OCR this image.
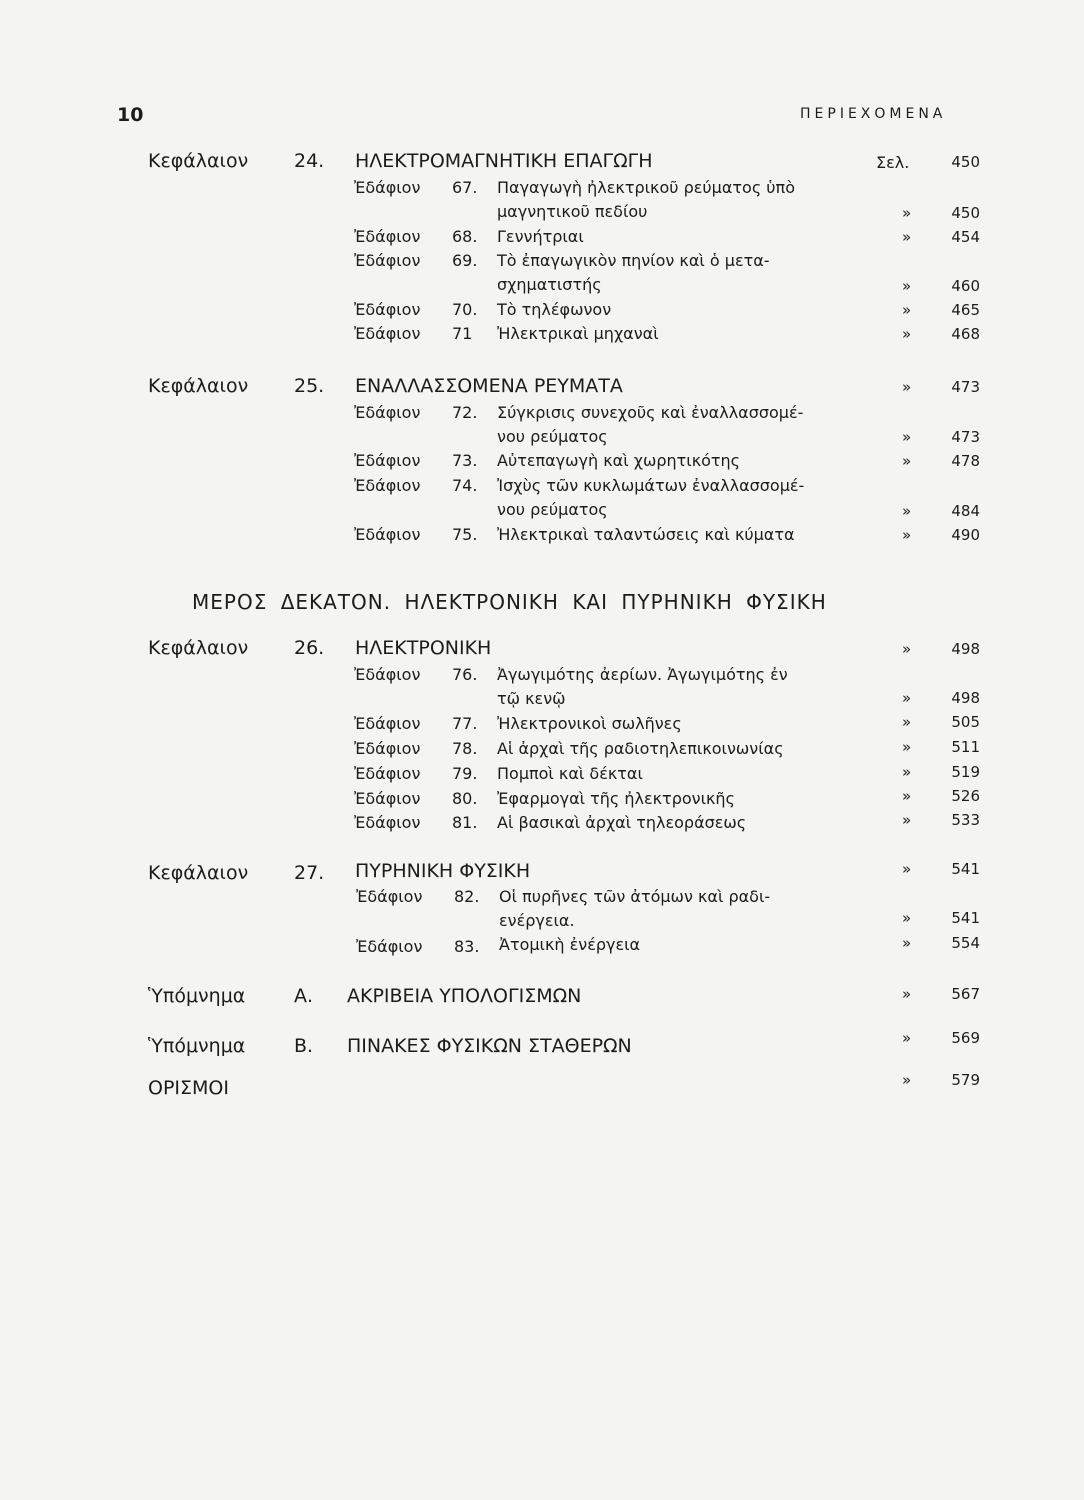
10	ΠΕΡΙΕΧΟΜΕΝΑ
Κεφάλαιον 24. ΗΛΕΚΤΡΟΜΑΓΝΗΤΙΚΗ ΕΠΑΓΩΓΗ	Σελ.	450
Ἐδάφιον 67. Παγαγωγὴ ἠλεκτρικοῦ ρεύματος ὑπὸ
μαγνητικοῦ πεδίου	»	450
Ἐδάφιον 68. Γεννήτριαι	»	454
Ἐδάφιον 69. Τὸ ἐπαγωγικὸν πηνίον καὶ ὁ μετα-
σχηματιστής	»	460
Ἐδάφιον 70. Τὸ τηλέφωνον	»	465
Ἐδάφιον 71 Ἠλεκτρικαὶ μηχαναὶ	»	468
Κεφάλαιον 25. ΕΝΑΛΛΑΣΣΟΜΕΝΑ ΡΕΥΜΑΤΑ	»	473
Ἐδάφιον 72. Σύγκρισις συνεχοῦς καὶ ἐναλλασσομέ-
νου ρεύματος	»	473
Ἐδάφιον 73. Αὐτεπαγωγὴ καὶ χωρητικότης	»	478
Ἐδάφιον 74. Ἰσχὺς τῶν κυκλωμάτων ἐναλλασσομέ-
νου ρεύματος	»	484
Ἐδάφιον 75. Ἠλεκτρικαὶ ταλαντώσεις καὶ κύματα	»	490
ΜΕΡΟΣ ΔΕΚΑΤΟΝ. ΗΛΕΚΤΡΟΝΙΚΗ ΚΑΙ ΠΥΡΗΝΙΚΗ ΦΥΣΙΚΗ
Κεφάλαιον 26. ΗΛΕΚΤΡΟΝΙΚΗ	»	498
Ἐδάφιον 76. Ἀγωγιμότης ἀερίων. Ἀγωγιμότης ἐν
τῷ κενῷ	»	498
Ἐδάφιον 77. Ἠλεκτρονικοὶ σωλῆνες	»	505
Ἐδάφιον 78. Αἱ ἀρχαὶ τῆς ραδιοτηλεπικοινωνίας	»	511
Ἐδάφιον 79. Πομποὶ καὶ δέκται	»	519
Ἐδάφιον 80. Ἐφαρμογαὶ τῆς ἠλεκτρονικῆς	»	526
Ἐδάφιον 81. Αἱ βασικαὶ ἀρχαὶ τηλεοράσεως	»	533
Κεφάλαιον 27. ΠΥΡΗΝΙΚΗ ΦΥΣΙΚΗ	»	541
Ἐδάφιον 82. Οἱ πυρῆνες τῶν ἀτόμων καὶ ραδι-
ενέργεια.	»	541
Ἐδάφιον 83. Ἀτομικὴ ἐνέργεια	»	554
Ὑπόμνημα	Α. ΑΚΡΙΒΕΙΑ ΥΠΟΛΟΓΙΣΜΩΝ	»	567
Ὑπόμνημα	Β. ΠΙΝΑΚΕΣ ΦΥΣΙΚΩΝ ΣΤΑΘΕΡΩΝ	»	569
ΟΡΙΣΜΟΙ	»	579
